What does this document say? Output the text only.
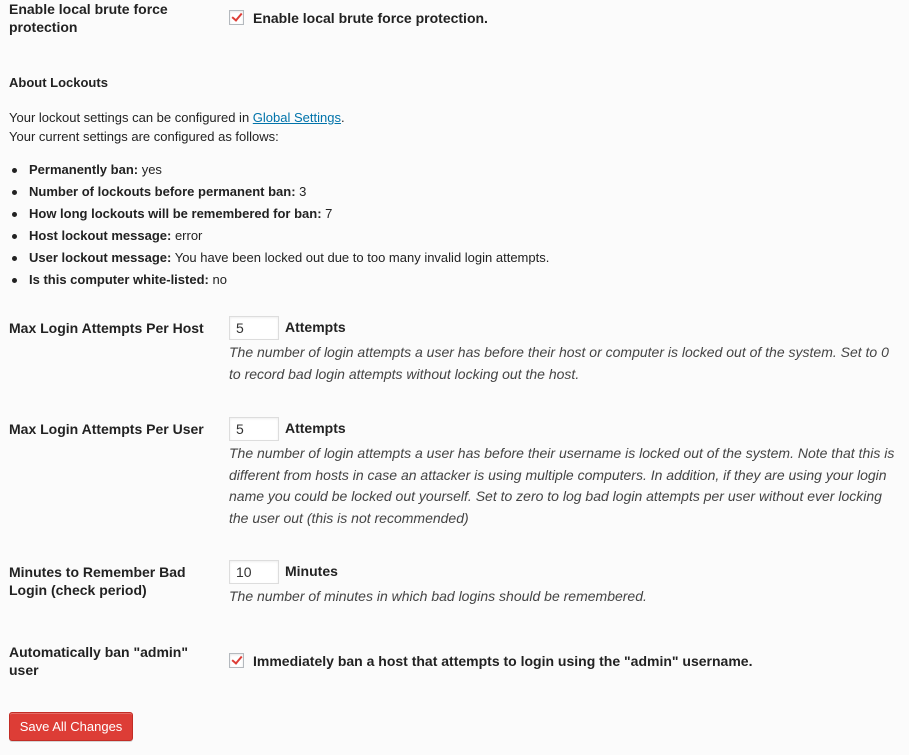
Enable local brute force protection
Enable local brute force protection.
About Lockouts
Your lockout settings can be configured in Global Settings.
Your current settings are configured as follows:
Permanently ban: yes
Number of lockouts before permanent ban: 3
How long lockouts will be remembered for ban: 7
Host lockout message: error
User lockout message: You have been locked out due to too many invalid login attempts.
Is this computer white-listed: no
Max Login Attempts Per Host
5	Attempts
The number of login attempts a user has before their host or computer is locked out of the system. Set to 0 to record bad login attempts without locking out the host.
Max Login Attempts Per User
5	Attempts
The number of login attempts a user has before their username is locked out of the system. Note that this is different from hosts in case an attacker is using multiple computers. In addition, if they are using your login name you could be locked out yourself. Set to zero to log bad login attempts per user without ever locking the user out (this is not recommended)
Minutes to Remember Bad Login (check period)
10
Minutes
The number of minutes in which bad logins should be remembered.
Automatically ban "admin" user
Immediately ban a host that attempts to login using the "admin" username.
Save All Changes
